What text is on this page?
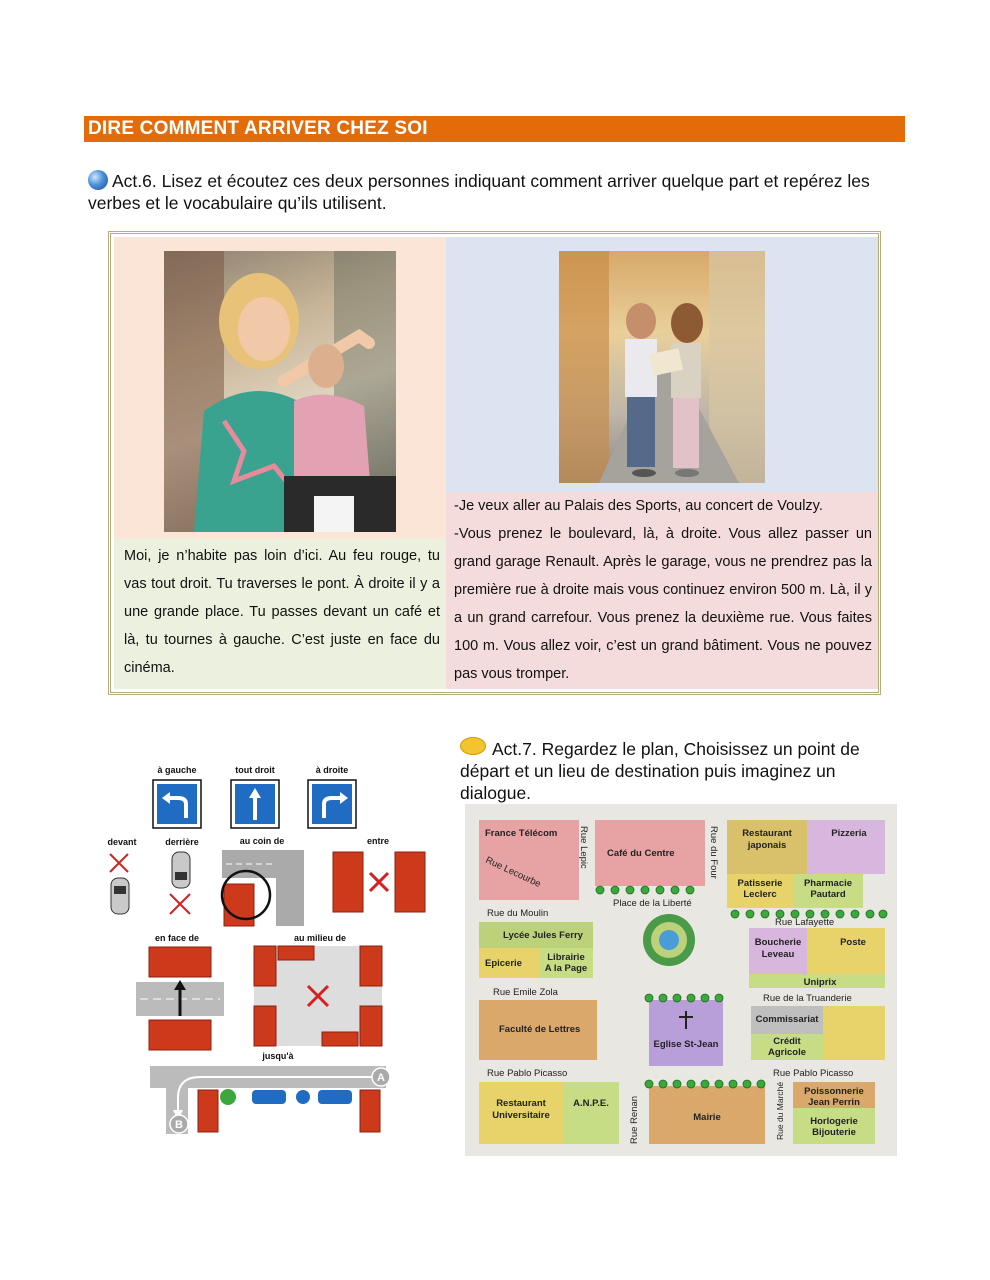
DIRE COMMENT ARRIVER CHEZ SOI
Act.6. Lisez et écoutez ces deux personnes indiquant comment arriver quelque part et repérez les verbes et le vocabulaire qu’ils utilisent.
Moi, je n’habite pas loin d’ici. Au feu rouge, tu vas tout droit. Tu traverses le pont. À droite il y a une grande place. Tu passes devant un café et là, tu tournes à gauche. C’est juste en face du cinéma.
-Je veux aller au Palais des Sports, au concert de Voulzy.
-Vous prenez le boulevard, là, à droite. Vous allez passer un grand garage Renault. Après le garage, vous ne prendrez pas la première rue à droite mais vous continuez environ 500 m. Là, il y a un grand carrefour. Vous prenez la deuxième rue. Vous faites 100 m. Vous allez voir, c’est un grand bâtiment. Vous ne pouvez pas vous tromper.
à gauche	tout droit	à droite
devant	derrière	au coin de	entre
en face de	au milieu de
jusqu'à
A
B
Act.7. Regardez le plan, Choisissez un point de départ et un lieu de destination puis imaginez un dialogue.
France Télécom
Rue Lecourbe
Rue Lepic Café du Centre	Rue du Four Restaurant
japonais
Pizzeria
Patisserie
Leclerc
Pharmacie
Pautard
Rue du Moulin
Place de la Liberté
Rue Lafayette
Lycée Jules Ferry
Epicerie
Librairie
A la Page
Boucherie
Leveau
Poste
Uniprix
Rue Emile Zola
Rue de la Truanderie
Faculté de Lettres
Commissariat
Crédit
Agricole
Eglise St-Jean
Rue Pablo Picasso	Rue Pablo Picasso
Restaurant
Universitaire
A.N.P.E. Rue Renan	Mairie	Rue du Marché Poissonnerie
Jean Perrin
Horlogerie
Bijouterie
